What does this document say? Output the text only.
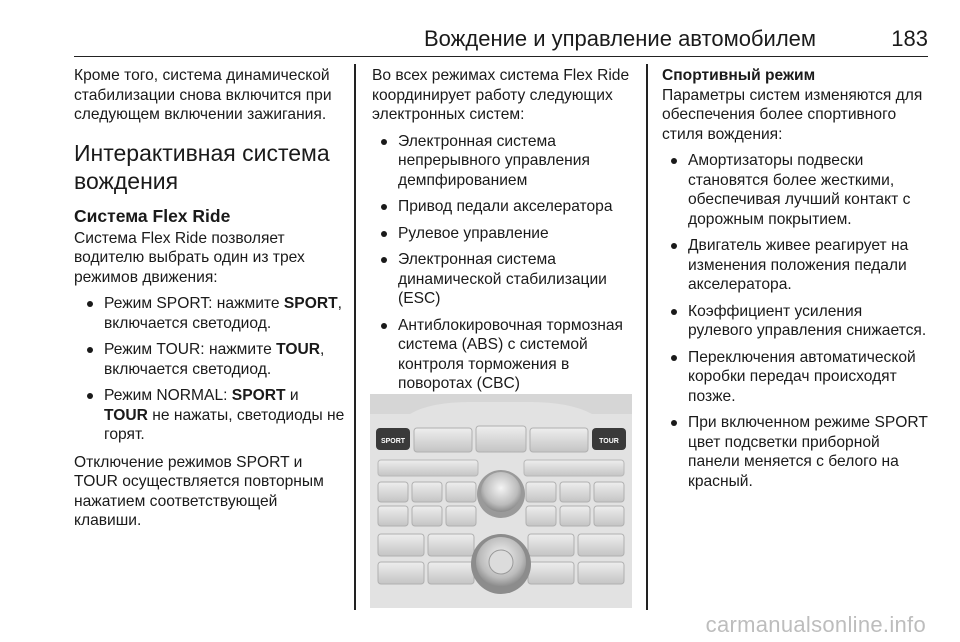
Вождение и управление автомобилем	183

Кроме того, система динамической стабилизации снова включится при следующем включении зажигания.

Интерактивная система вождения
Система Flex Ride

Система Flex Ride позволяет водителю выбрать один из трех режимов движения:

Режим SPORT: нажмите SPORT, включается светодиод.
Режим TOUR: нажмите TOUR, включается светодиод.
Режим NORMAL: SPORT и TOUR не нажаты, светодиоды не горят.

Отключение режимов SPORT и TOUR осуществляется повторным нажатием соответствующей клавиши.

Во всех режимах система Flex Ride координирует работу следующих электронных систем:

Электронная система непрерывного управления демпфированием
Привод педали акселератора
Рулевое управление
Электронная система динамической стабилизации (ESC)
Антиблокировочная тормозная система (ABS) с системой контроля торможения в поворотах (CBC)
SPORT	TOUR
Спортивный режим

Параметры систем изменяются для обеспечения более спортивного стиля вождения:

Амортизаторы подвески становятся более жесткими, обеспечивая лучший контакт с дорожным покрытием.
Двигатель живее реагирует на изменения положения педали акселератора.
Коэффициент усиления рулевого управления снижается.
Переключения автоматической коробки передач происходят позже.
При включенном режиме SPORT цвет подсветки приборной панели меняется с белого на красный.
carmanualsonline.info
